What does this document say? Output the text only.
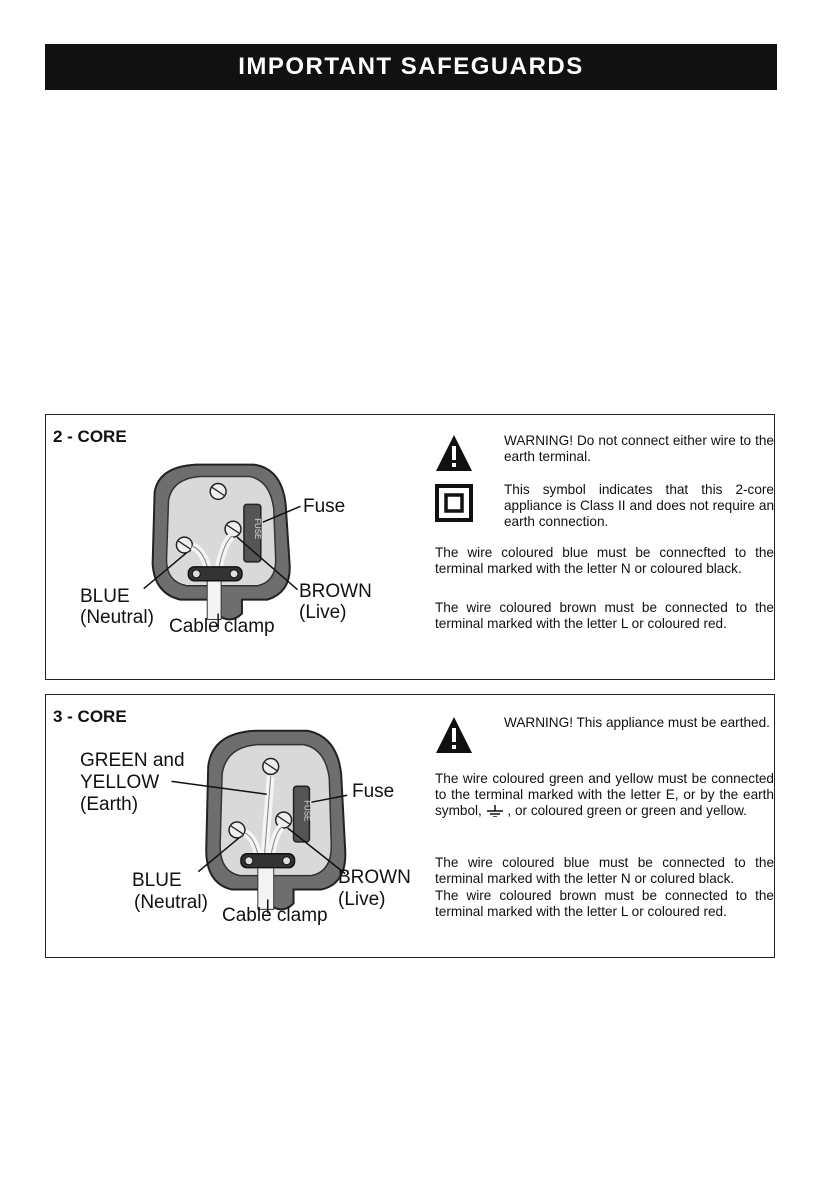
IMPORTANT SAFEGUARDS
2 - CORE
FUSE
Fuse
BLUE
(Neutral)
BROWN
(Live)
Cable clamp
WARNING! Do not connect either wire to the earth terminal.
This symbol indicates that this 2-core appliance is Class II and does not require an earth connection.

The wire coloured blue must be connecfted to the terminal marked with the letter N or coloured black.

The wire coloured brown must be connected to the terminal marked with the letter L or coloured red.

3 - CORE
FUSE
GREEN and
YELLOW
(Earth)
Fuse
BLUE
(Neutral)
BROWN
(Live)
Cable clamp
WARNING! This appliance must be earthed.

The wire coloured green and yellow must be connected to the terminal marked with the letter E, or by the earth symbol, , or coloured green or green and yellow.

The wire coloured blue must be connected to the terminal marked with the letter N or colured black.

The wire coloured brown must be connected to the terminal marked with the letter L or coloured red.
